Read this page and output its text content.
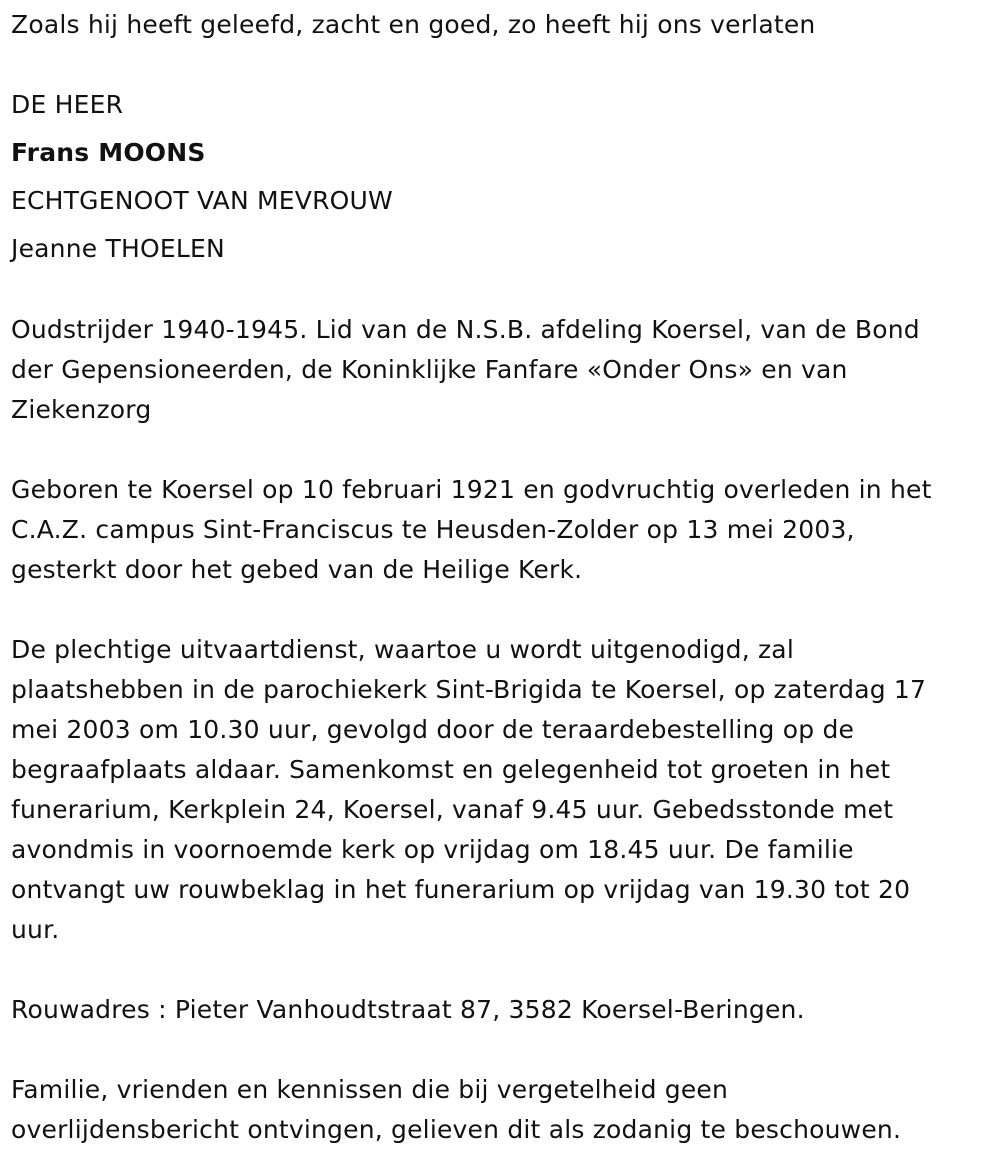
Zoals hij heeft geleefd, zacht en goed, zo heeft hij ons verlaten
DE HEER
Frans MOONS
ECHTGENOOT VAN MEVROUW
Jeanne THOELEN
Oudstrijder 1940-1945. Lid van de N.S.B. afdeling Koersel, van de Bond
der Gepensioneerden, de Koninklijke Fanfare «Onder Ons» en van
Ziekenzorg
Geboren te Koersel op 10 februari 1921 en godvruchtig overleden in het
C.A.Z. campus Sint-Franciscus te Heusden-Zolder op 13 mei 2003,
gesterkt door het gebed van de Heilige Kerk.
De plechtige uitvaartdienst, waartoe u wordt uitgenodigd, zal
plaatshebben in de parochiekerk Sint-Brigida te Koersel, op zaterdag 17
mei 2003 om 10.30 uur, gevolgd door de teraardebestelling op de
begraafplaats aldaar. Samenkomst en gelegenheid tot groeten in het
funerarium, Kerkplein 24, Koersel, vanaf 9.45 uur. Gebedsstonde met
avondmis in voornoemde kerk op vrijdag om 18.45 uur. De familie
ontvangt uw rouwbeklag in het funerarium op vrijdag van 19.30 tot 20
uur.
Rouwadres : Pieter Vanhoudtstraat 87, 3582 Koersel-Beringen.
Familie, vrienden en kennissen die bij vergetelheid geen
overlijdensbericht ontvingen, gelieven dit als zodanig te beschouwen.
